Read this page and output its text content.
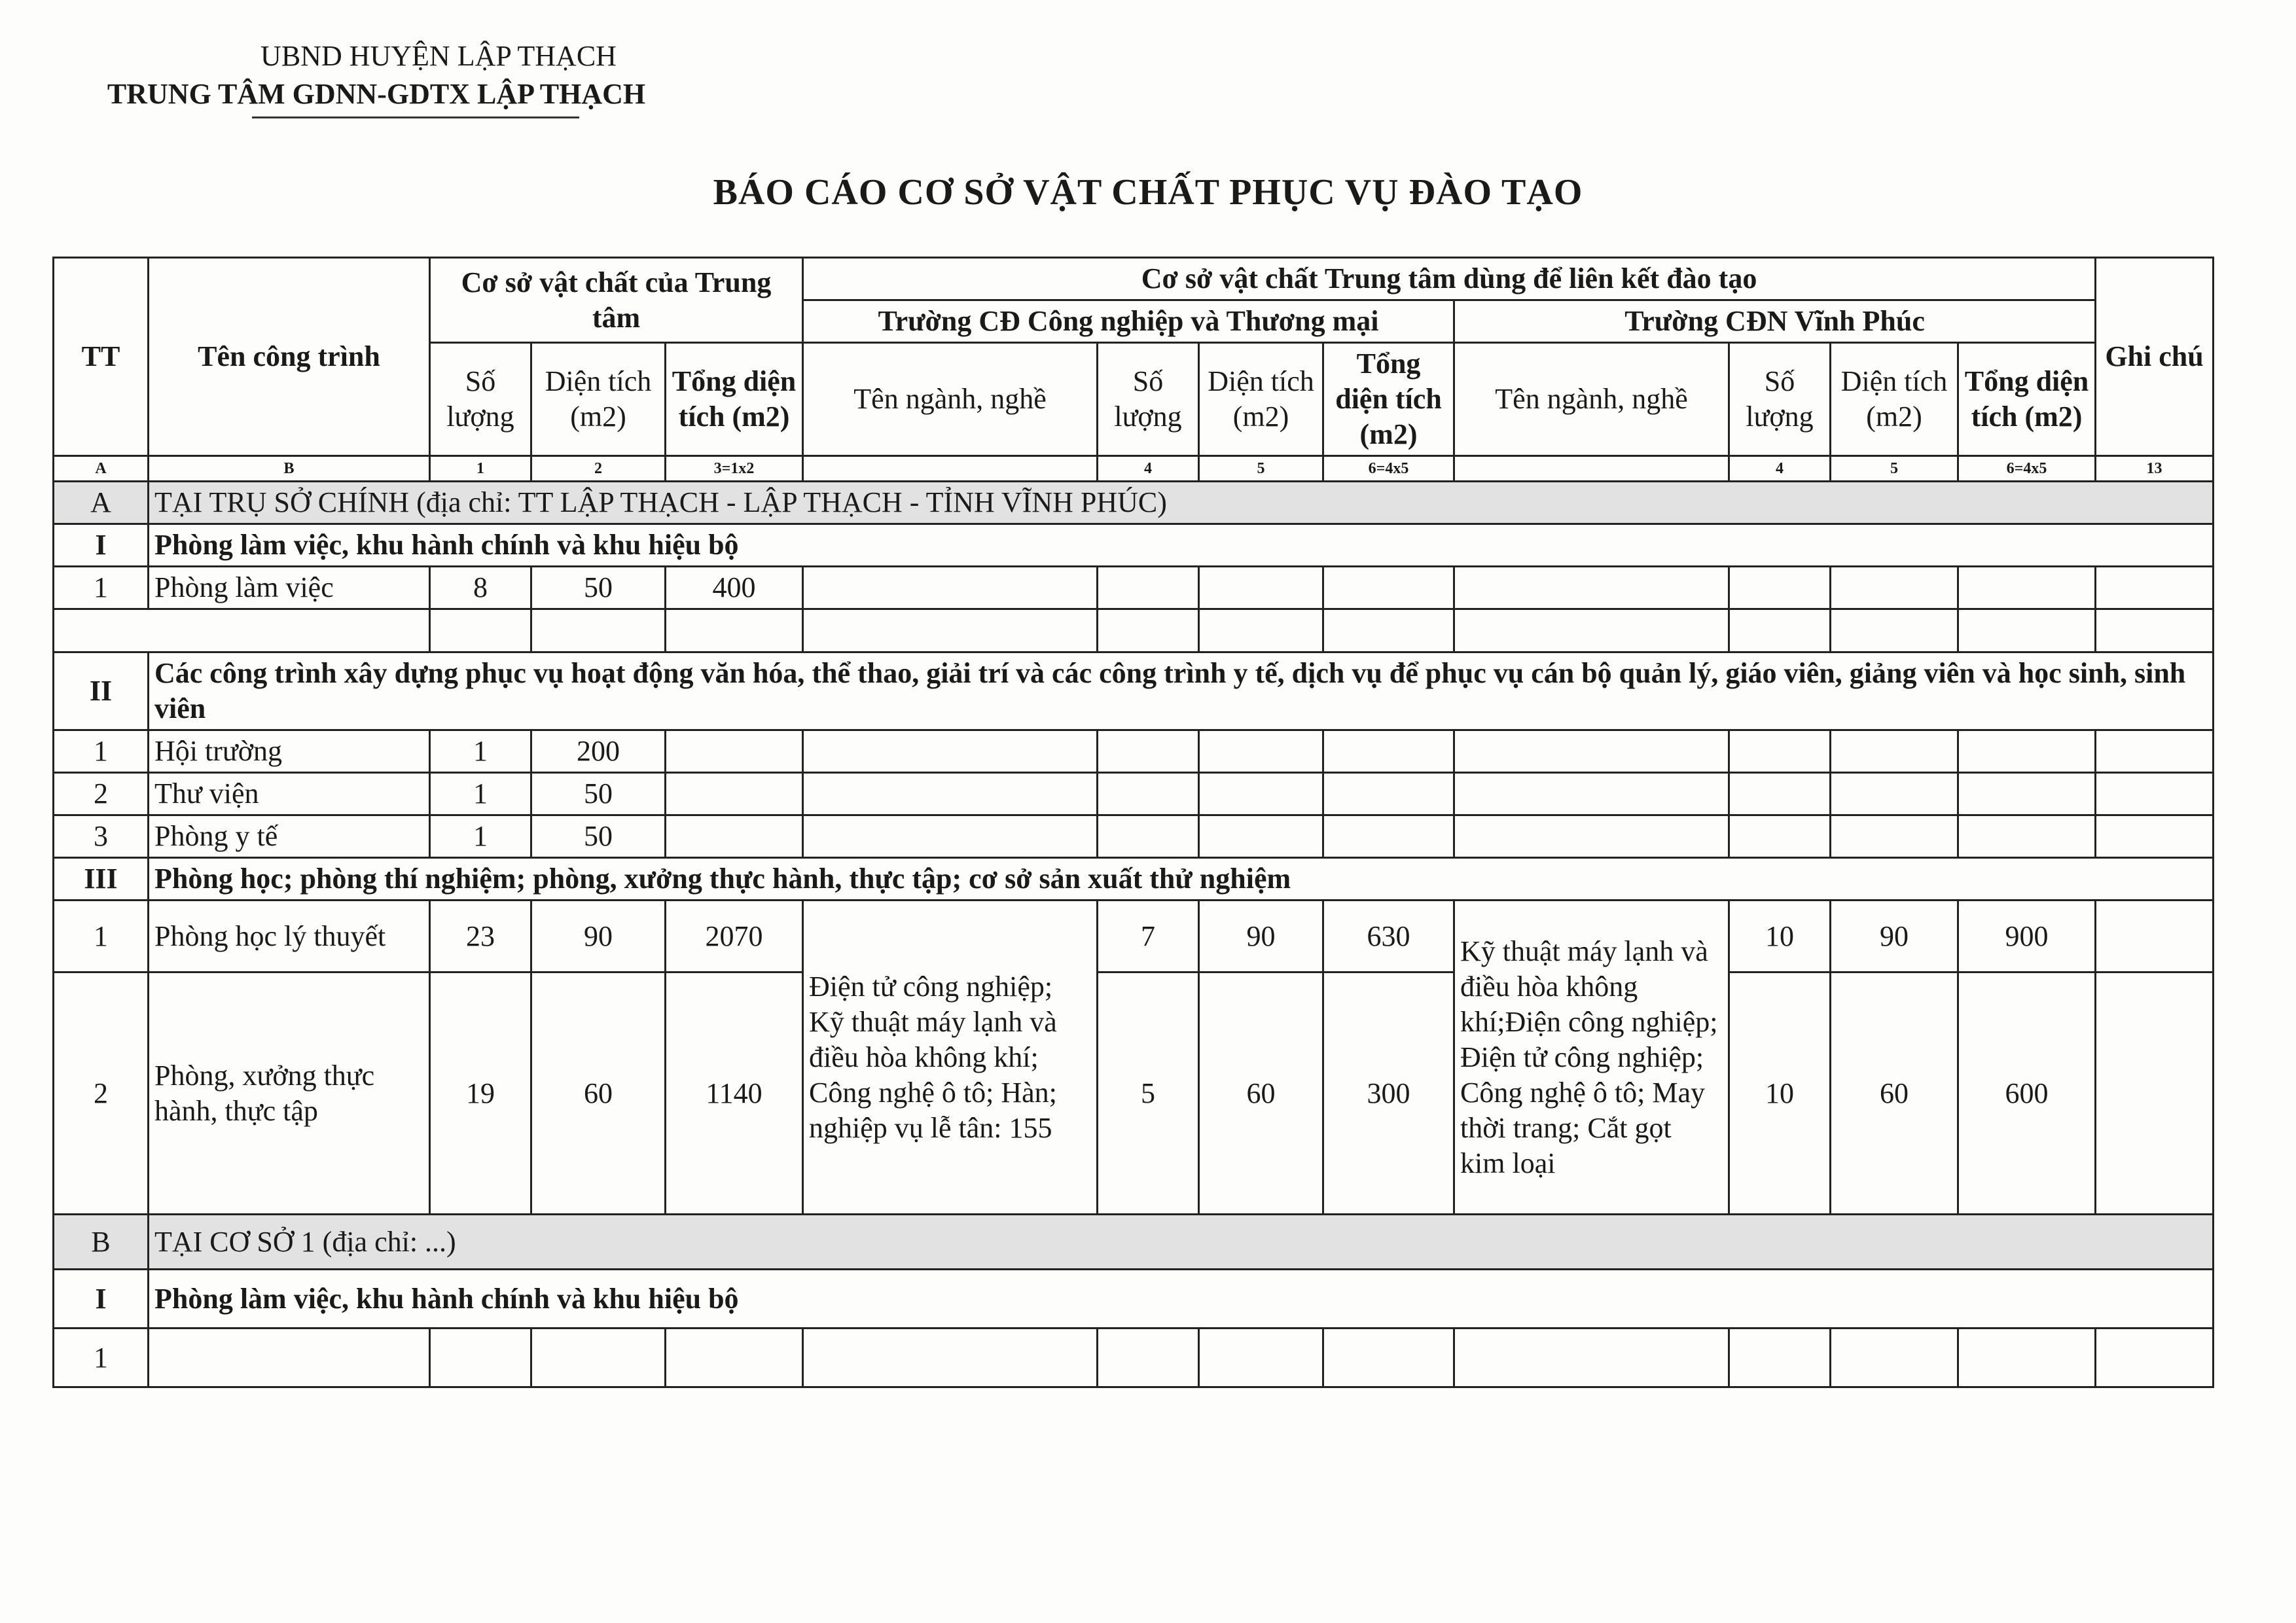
UBND HUYỆN LẬP THẠCH
TRUNG TÂM GDNN-GDTX LẬP THẠCH
BÁO CÁO CƠ SỞ VẬT CHẤT PHỤC VỤ ĐÀO TẠO
TT	Tên công trình	Cơ sở vật chất của Trung tâm			Cơ sở vật chất Trung tâm dùng để liên kết đào tạo								Ghi chú
					Trường CĐ Công nghiệp và Thương mại				Trường CĐN Vĩnh Phúc				
		Số lượng	Diện tích (m2)	Tổng diện tích (m2)	Tên ngành, nghề	Số lượng	Diện tích (m2)	Tổng diện tích (m2)	Tên ngành, nghề	Số lượng	Diện tích (m2)	Tổng diện tích (m2)	
A	B	1	2	3=1x2		4	5	6=4x5		4	5	6=4x5	13
A	TẠI TRỤ SỞ CHÍNH (địa chỉ: TT LẬP THẠCH - LẬP THẠCH - TỈNH VĨNH PHÚC)												
I	Phòng làm việc, khu hành chính và khu hiệu bộ												
1	Phòng làm việc	8	50	400									

II	Các công trình xây dựng phục vụ hoạt động văn hóa, thể thao, giải trí và các công trình y tế, dịch vụ để phục vụ cán bộ quản lý, giáo viên, giảng viên và học sinh, sinh viên												
1	Hội trường	1	200										
2	Thư viện	1	50										
3	Phòng y tế	1	50										
III	Phòng học; phòng thí nghiệm; phòng, xưởng thực hành, thực tập; cơ sở sản xuất thử nghiệm												
1	Phòng học lý thuyết	23	90	2070	Điện tử công nghiệp; Kỹ thuật máy lạnh và điều hòa không khí; Công nghệ ô tô; Hàn; nghiệp vụ lễ tân: 155	7	90	630	Kỹ thuật máy lạnh và điều hòa không khí;Điện công nghiệp; Điện tử công nghiệp; Công nghệ ô tô; May thời trang; Cắt gọt kim loại	10	90	900	
2	Phòng, xưởng thực hành, thực tập	19	60	1140		5	60	300		10	60	600	
B	TẠI CƠ SỞ 1 (địa chỉ: ...)												
I	Phòng làm việc, khu hành chính và khu hiệu bộ												
1													
